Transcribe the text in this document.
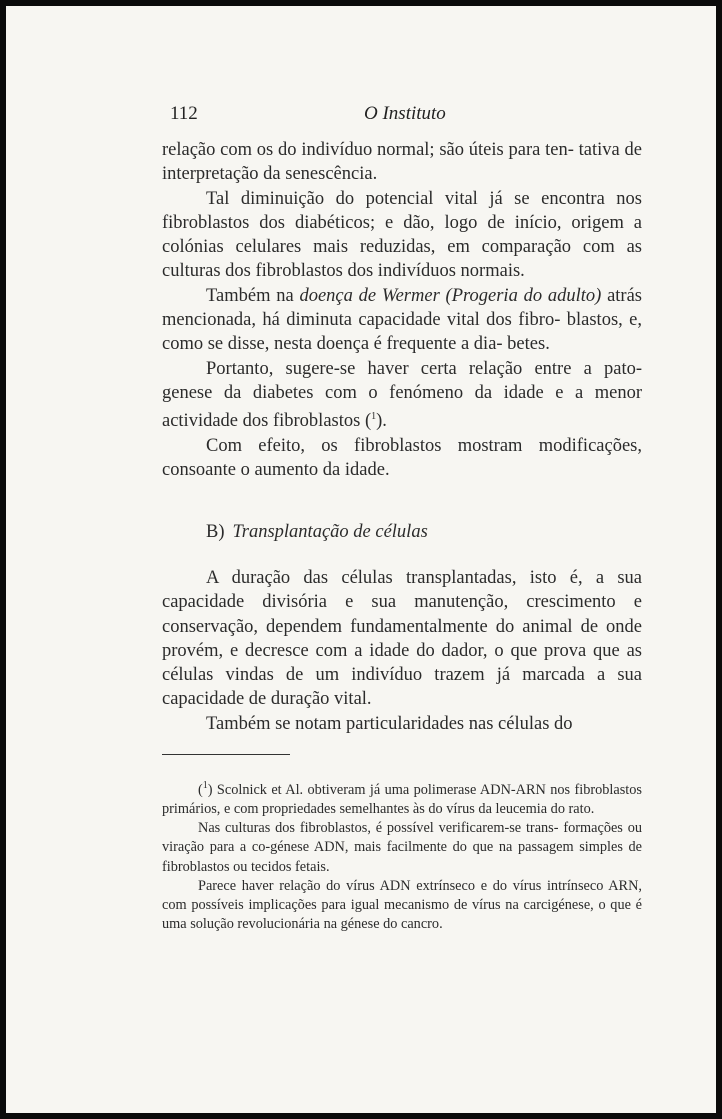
112	O Instituto

relação com os do indivíduo normal; são úteis para ten- tativa de interpretação da senescência.

Tal diminuição do potencial vital já se encontra nos fibroblastos dos diabéticos; e dão, logo de início, origem a colónias celulares mais reduzidas, em comparação com as culturas dos fibroblastos dos indivíduos normais.

Também na doença de Wermer (Progeria do adulto) atrás mencionada, há diminuta capacidade vital dos fibro- blastos, e, como se disse, nesta doença é frequente a dia- betes.

Portanto, sugere-se haver certa relação entre a pato- genese da diabetes com o fenómeno da idade e a menor actividade dos fibroblastos ($^1$).

Com efeito, os fibroblastos mostram modificações, consoante o aumento da idade.

B) Transplantação de células

A duração das células transplantadas, isto é, a sua capacidade divisória e sua manutenção, crescimento e conservação, dependem fundamentalmente do animal de onde provém, e decresce com a idade do dador, o que prova que as células vindas de um indivíduo trazem já marcada a sua capacidade de duração vital.

Também se notam particularidades nas células do

($^1$) Scolnick et Al. obtiveram já uma polimerase ADN-ARN nos fibroblastos primários, e com propriedades semelhantes às do vírus da leucemia do rato.

Nas culturas dos fibroblastos, é possível verificarem-se trans- formações ou viração para a co-génese ADN, mais facilmente do que na passagem simples de fibroblastos ou tecidos fetais.

Parece haver relação do vírus ADN extrínseco e do vírus intrínseco ARN, com possíveis implicações para igual mecanismo de vírus na carcigénese, o que é uma solução revolucionária na génese do cancro.
